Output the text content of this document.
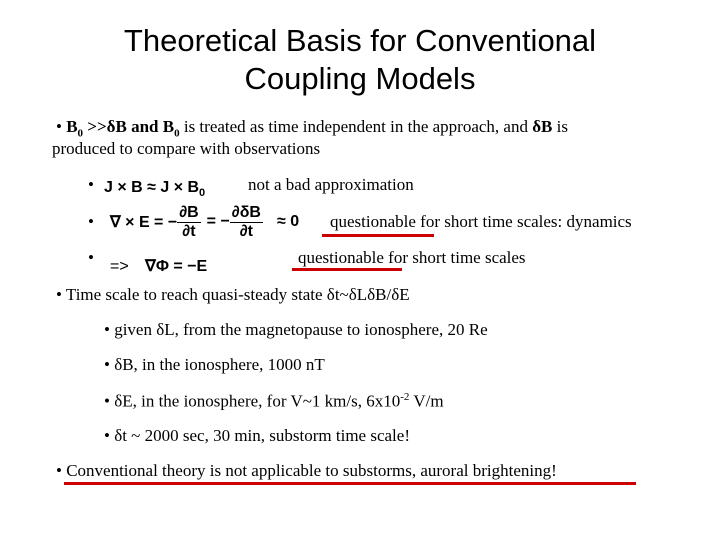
Theoretical Basis for Conventional
Coupling Models
• $B_0 >>\delta B$ and $B_0$ is treated as time independent in the approach, and δB is
produced to compare with observations
• $J \times B \approx J \times B_0$	not a bad approximation
• ∇ × E = − $\frac{\partial B}{\partial t}$ = − $\frac{\partial\delta B}{\partial t} \approx 0$ questionable for short time scales: dynamics
• => ∇Φ = −E	questionable for short time scales
• Time scale to reach quasi-steady state δt~δLδB/δE
• given δL, from the magnetopause to ionosphere, 20 Re
• δB, in the ionosphere, 1000 nT
• δE, in the ionosphere, for V~1 km/s, $6x10^{-2}$ V/m
• δt ~ 2000 sec, 30 min, substorm time scale!
• Conventional theory is not applicable to substorms, auroral brightening!
